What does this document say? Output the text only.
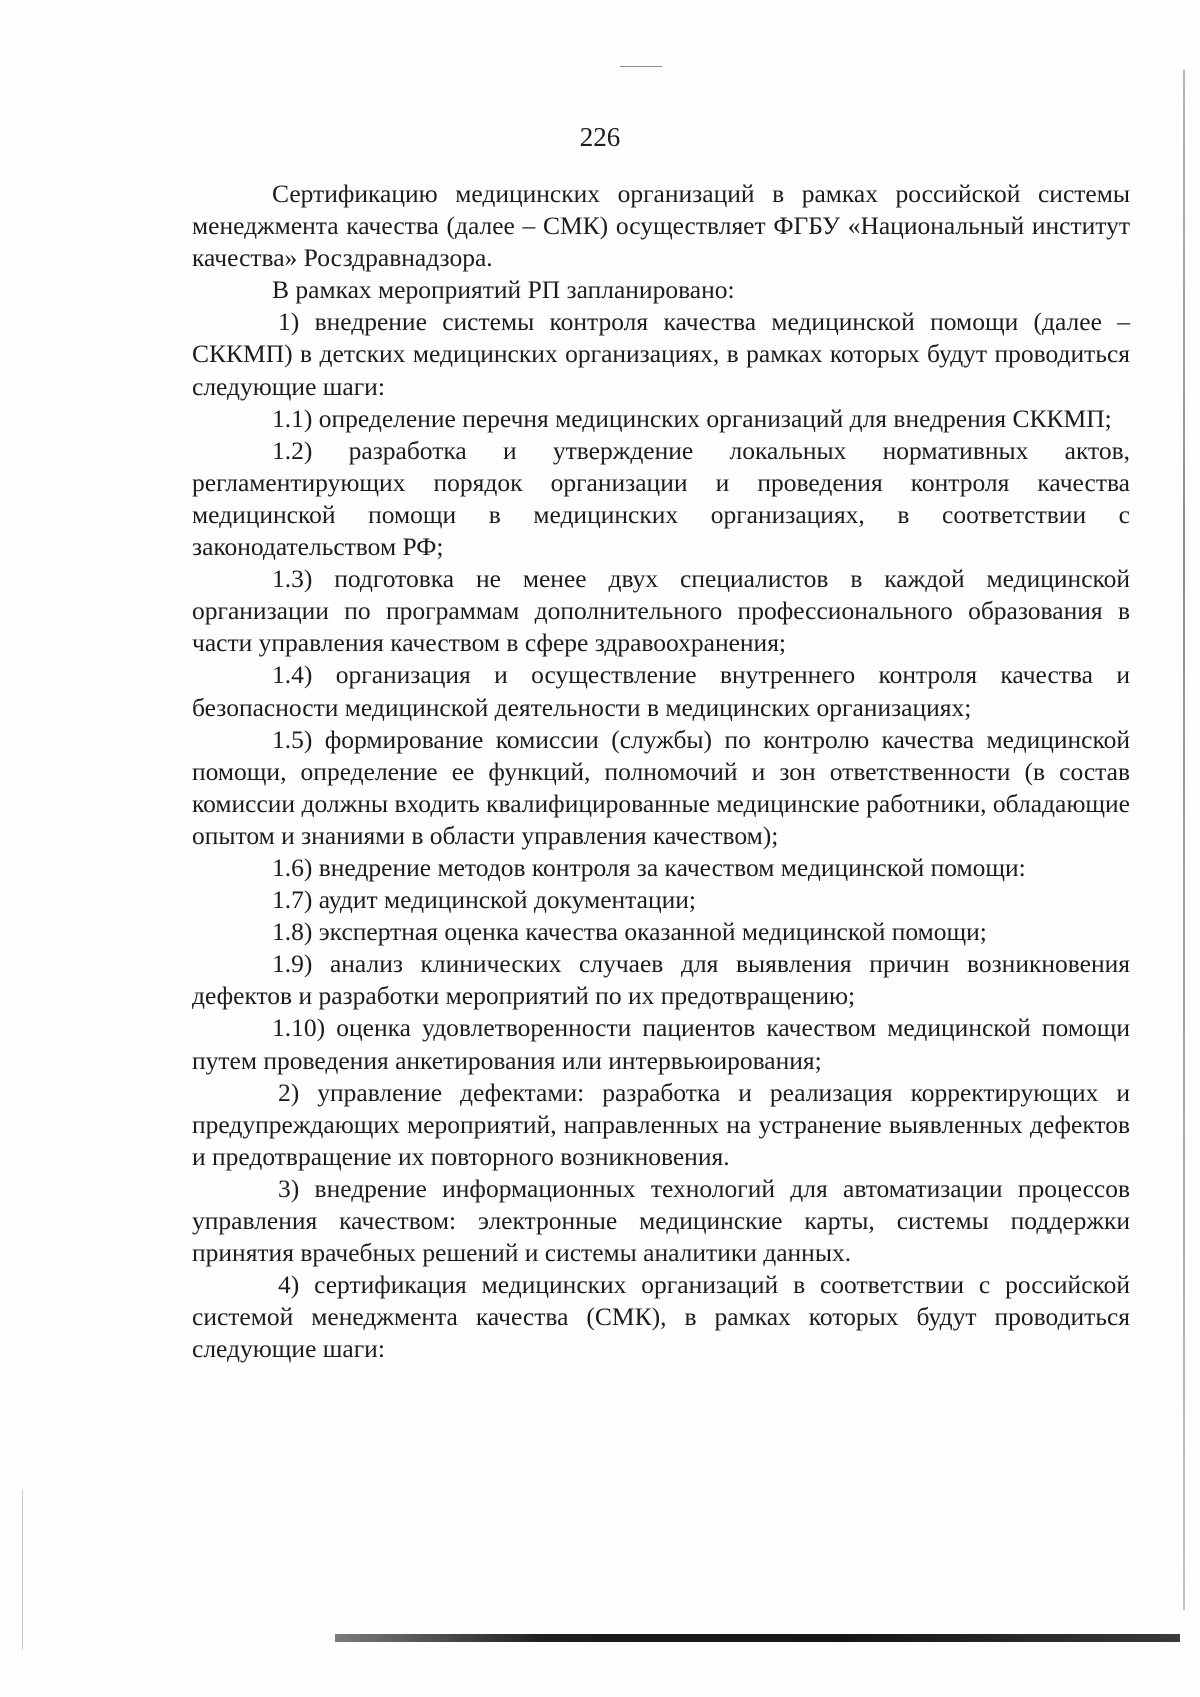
226

Сертификацию медицинских организаций в рамках российской системы менеджмента качества (далее – СМК) осуществляет ФГБУ «Национальный институт качества» Росздравнадзора.

В рамках мероприятий РП запланировано:

1) внедрение системы контроля качества медицинской помощи (далее – СККМП) в детских медицинских организациях, в рамках которых будут проводиться следующие шаги:

1.1) определение перечня медицинских организаций для внедрения СККМП;

1.2) разработка и утверждение локальных нормативных актов, регламентирующих порядок организации и проведения контроля качества медицинской помощи в медицинских организациях, в соответствии с законодательством РФ;

1.3) подготовка не менее двух специалистов в каждой медицинской организации по программам дополнительного профессионального образования в части управления качеством в сфере здравоохранения;

1.4) организация и осуществление внутреннего контроля качества и безопасности медицинской деятельности в медицинских организациях;

1.5) формирование комиссии (службы) по контролю качества медицинской помощи, определение ее функций, полномочий и зон ответственности (в состав комиссии должны входить квалифицированные медицинские работники, обладающие опытом и знаниями в области управления качеством);

1.6) внедрение методов контроля за качеством медицинской помощи:

1.7) аудит медицинской документации;

1.8) экспертная оценка качества оказанной медицинской помощи;

1.9) анализ клинических случаев для выявления причин возникновения дефектов и разработки мероприятий по их предотвращению;

1.10) оценка удовлетворенности пациентов качеством медицинской помощи путем проведения анкетирования или интервьюирования;

2) управление дефектами: разработка и реализация корректирующих и предупреждающих мероприятий, направленных на устранение выявленных дефектов и предотвращение их повторного возникновения.

3) внедрение информационных технологий для автоматизации процессов управления качеством: электронные медицинские карты, системы поддержки принятия врачебных решений и системы аналитики данных.

4) сертификация медицинских организаций в соответствии с российской системой менеджмента качества (СМК), в рамках которых будут проводиться следующие шаги:
